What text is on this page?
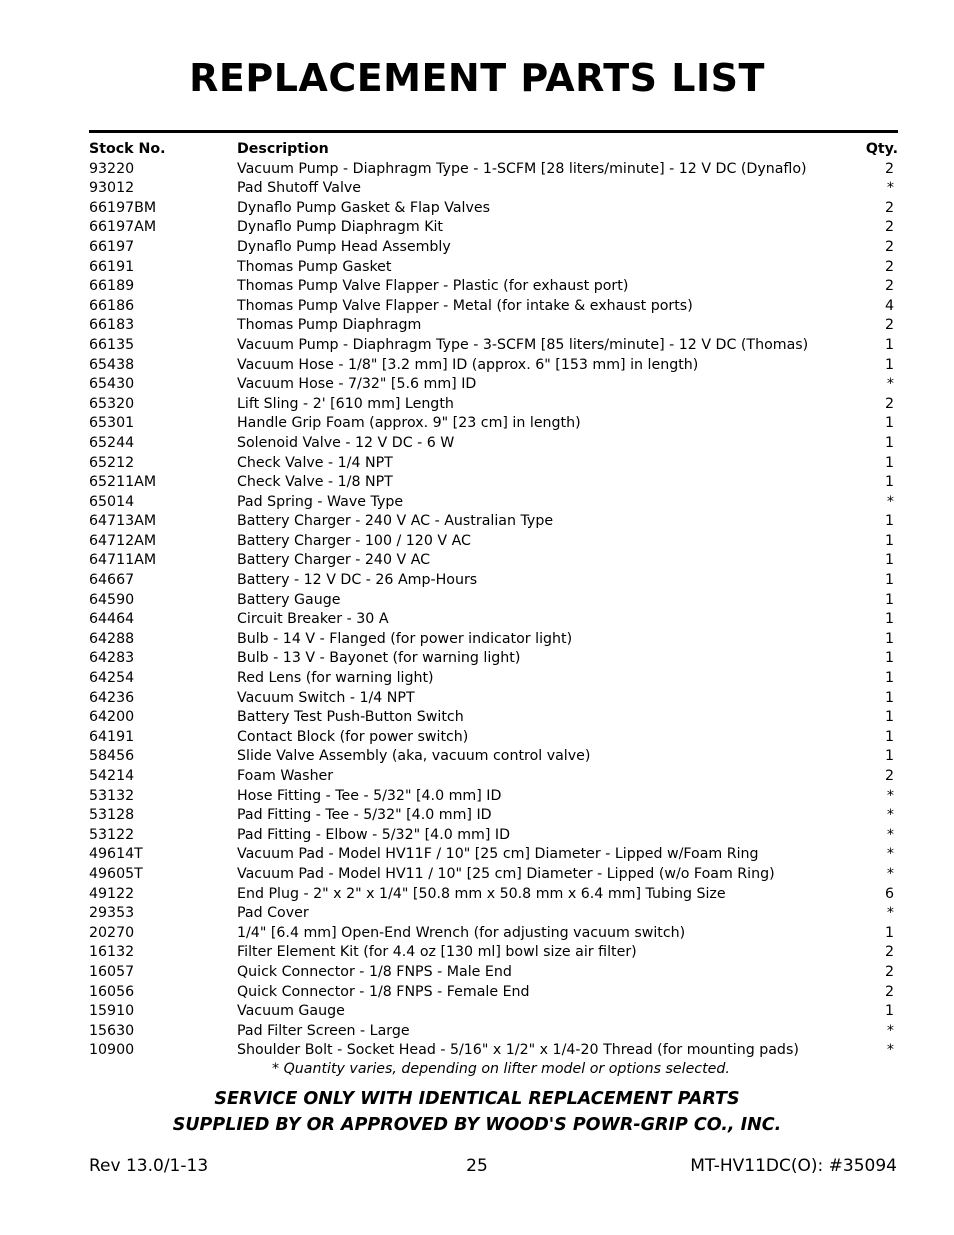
REPLACEMENT PARTS LIST
Stock No.	Description	Qty.
93220	Vacuum Pump - Diaphragm Type - 1-SCFM [28 liters/minute] - 12 V DC (Dynaflo)	2
93012	Pad Shutoff Valve	*
66197BM	Dynaflo Pump Gasket & Flap Valves	2
66197AM	Dynaflo Pump Diaphragm Kit	2
66197	Dynaflo Pump Head Assembly	2
66191	Thomas Pump Gasket	2
66189	Thomas Pump Valve Flapper - Plastic (for exhaust port)	2
66186	Thomas Pump Valve Flapper - Metal (for intake & exhaust ports)	4
66183	Thomas Pump Diaphragm	2
66135	Vacuum Pump - Diaphragm Type - 3-SCFM [85 liters/minute] - 12 V DC (Thomas)	1
65438	Vacuum Hose - 1/8" [3.2 mm] ID (approx. 6" [153 mm] in length)	1
65430	Vacuum Hose - 7/32" [5.6 mm] ID	*
65320	Lift Sling - 2' [610 mm] Length	2
65301	Handle Grip Foam (approx. 9" [23 cm] in length)	1
65244	Solenoid Valve - 12 V DC - 6 W	1
65212	Check Valve - 1/4 NPT	1
65211AM	Check Valve - 1/8 NPT	1
65014	Pad Spring - Wave Type	*
64713AM	Battery Charger - 240 V AC - Australian Type	1
64712AM	Battery Charger - 100 / 120 V AC	1
64711AM	Battery Charger - 240 V AC	1
64667	Battery - 12 V DC - 26 Amp-Hours	1
64590	Battery Gauge	1
64464	Circuit Breaker - 30 A	1
64288	Bulb - 14 V - Flanged (for power indicator light)	1
64283	Bulb - 13 V - Bayonet (for warning light)	1
64254	Red Lens (for warning light)	1
64236	Vacuum Switch - 1/4 NPT	1
64200	Battery Test Push-Button Switch	1
64191	Contact Block (for power switch)	1
58456	Slide Valve Assembly (aka, vacuum control valve)	1
54214	Foam Washer	2
53132	Hose Fitting - Tee - 5/32" [4.0 mm] ID	*
53128	Pad Fitting - Tee - 5/32" [4.0 mm] ID	*
53122	Pad Fitting - Elbow - 5/32" [4.0 mm] ID	*
49614T	Vacuum Pad - Model HV11F / 10" [25 cm] Diameter - Lipped w/Foam Ring	*
49605T	Vacuum Pad - Model HV11 / 10" [25 cm] Diameter - Lipped (w/o Foam Ring)	*
49122	End Plug - 2" x 2" x 1/4" [50.8 mm x 50.8 mm x 6.4 mm] Tubing Size	6
29353	Pad Cover	*
20270	1/4" [6.4 mm] Open-End Wrench (for adjusting vacuum switch)	1
16132	Filter Element Kit (for 4.4 oz [130 ml] bowl size air filter)	2
16057	Quick Connector - 1/8 FNPS - Male End	2
16056	Quick Connector - 1/8 FNPS - Female End	2
15910	Vacuum Gauge	1
15630	Pad Filter Screen - Large	*
10900	Shoulder Bolt - Socket Head - 5/16" x 1/2" x 1/4-20 Thread (for mounting pads)	*
* Quantity varies, depending on lifter model or options selected.
SERVICE ONLY WITH IDENTICAL REPLACEMENT PARTS
SUPPLIED BY OR APPROVED BY WOOD'S POWR-GRIP CO., INC.
Rev 13.0/1-13	25	MT-HV11DC(O): #35094
